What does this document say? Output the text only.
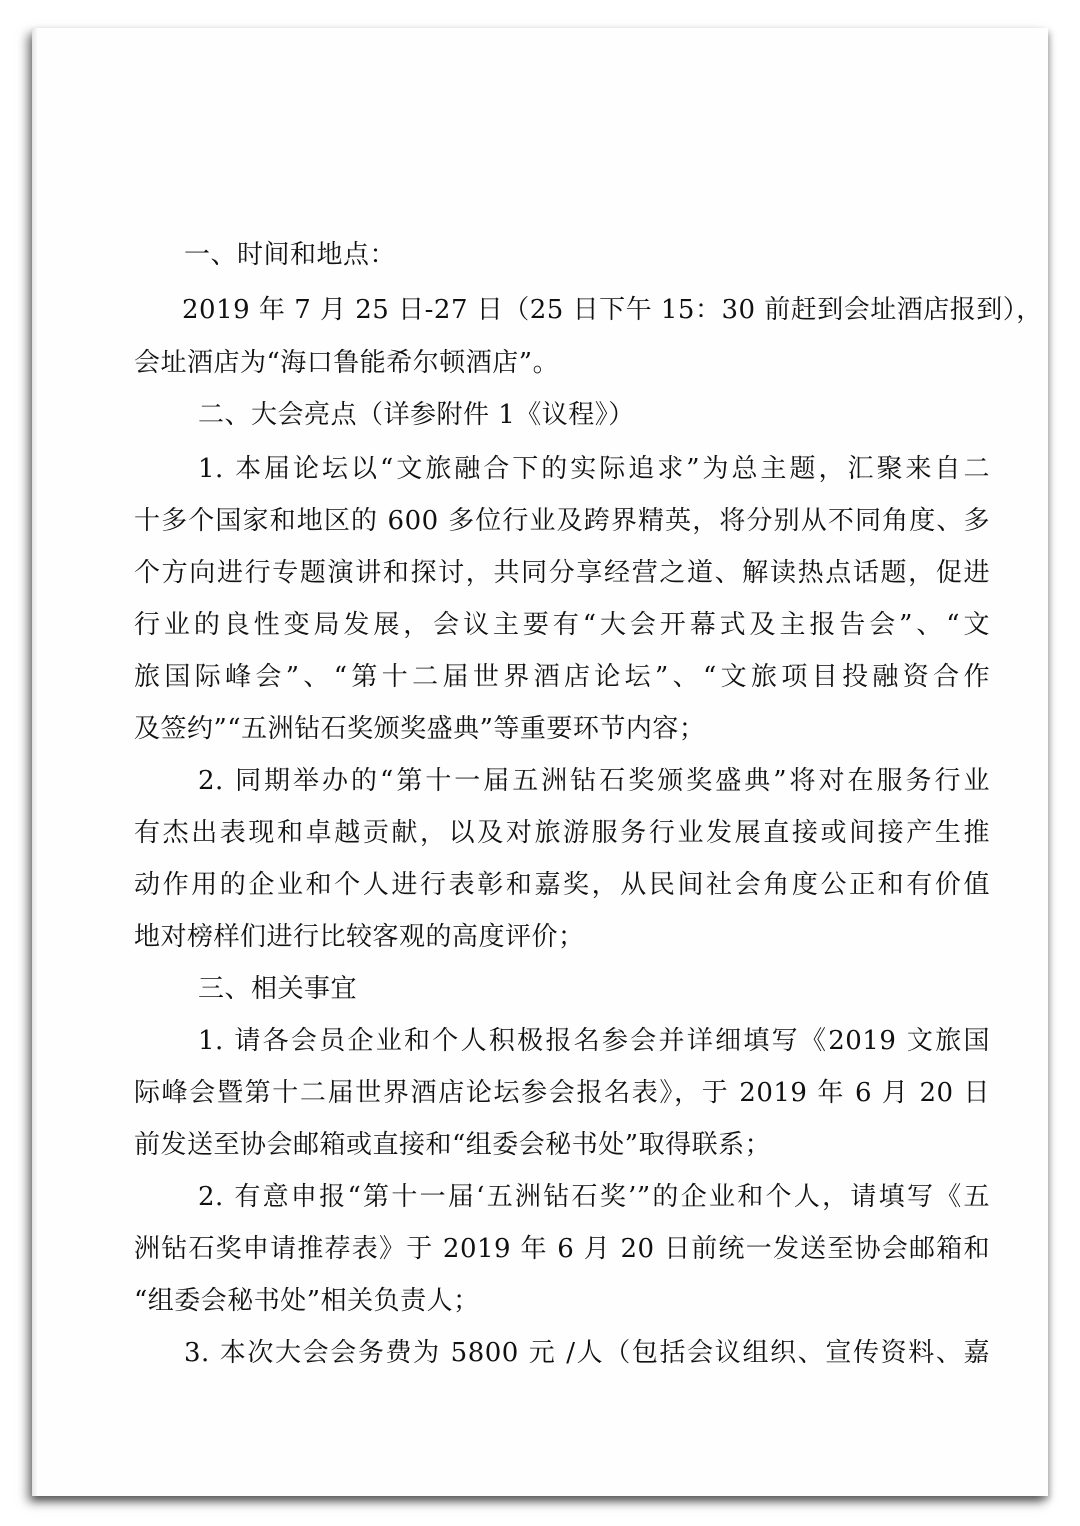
一、时间和地点：

2019 年 7 月 25 日-27 日（25 日下午 15：30 前赶到会址酒店报到），

会址酒店为“海口鲁能希尔顿酒店”。

二、大会亮点（详参附件 1《议程》）

1. 本届论坛以“文旅融合下的实际追求”为总主题，汇聚来自二

十多个国家和地区的 600 多位行业及跨界精英，将分别从不同角度、多

个方向进行专题演讲和探讨，共同分享经营之道、解读热点话题，促进

行业的良性变局发展，会议主要有“大会开幕式及主报告会”、“文

旅国际峰会”、“第十二届世界酒店论坛”、“文旅项目投融资合作

及签约”“五洲钻石奖颁奖盛典”等重要环节内容；

2. 同期举办的“第十一届五洲钻石奖颁奖盛典”将对在服务行业

有杰出表现和卓越贡献，以及对旅游服务行业发展直接或间接产生推

动作用的企业和个人进行表彰和嘉奖，从民间社会角度公正和有价值

地对榜样们进行比较客观的高度评价；

三、相关事宜

1. 请各会员企业和个人积极报名参会并详细填写《2019 文旅国

际峰会暨第十二届世界酒店论坛参会报名表》，于 2019 年 6 月 20 日

前发送至协会邮箱或直接和“组委会秘书处”取得联系；

2. 有意申报“第十一届‘五洲钻石奖’”的企业和个人，请填写《五

洲钻石奖申请推荐表》于 2019 年 6 月 20 日前统一发送至协会邮箱和

“组委会秘书处”相关负责人；

3. 本次大会会务费为 5800 元 /人（包括会议组织、宣传资料、嘉
